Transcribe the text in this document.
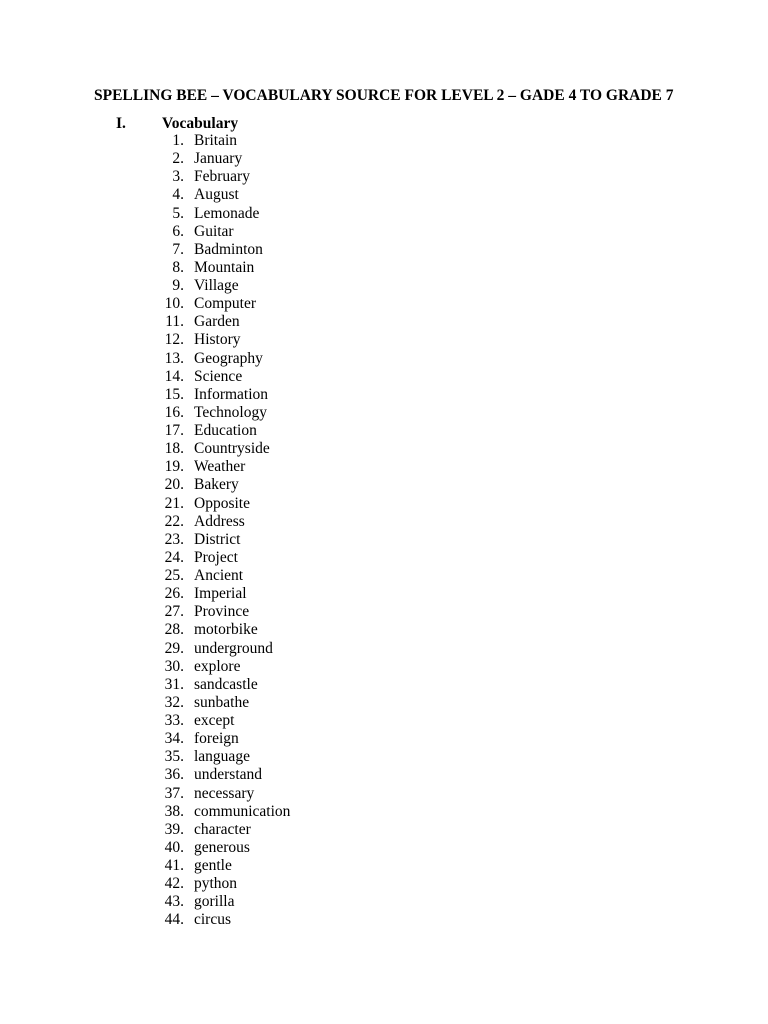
SPELLING BEE – VOCABULARY SOURCE FOR LEVEL 2 – GADE 4 TO GRADE 7
I. Vocabulary
1. Britain
2. January
3. February
4. August
5. Lemonade
6. Guitar
7. Badminton
8. Mountain
9. Village
10. Computer
11. Garden
12. History
13. Geography
14. Science
15. Information
16. Technology
17. Education
18. Countryside
19. Weather
20. Bakery
21. Opposite
22. Address
23. District
24. Project
25. Ancient
26. Imperial
27. Province
28. motorbike
29. underground
30. explore
31. sandcastle
32. sunbathe
33. except
34. foreign
35. language
36. understand
37. necessary
38. communication
39. character
40. generous
41. gentle
42. python
43. gorilla
44. circus
